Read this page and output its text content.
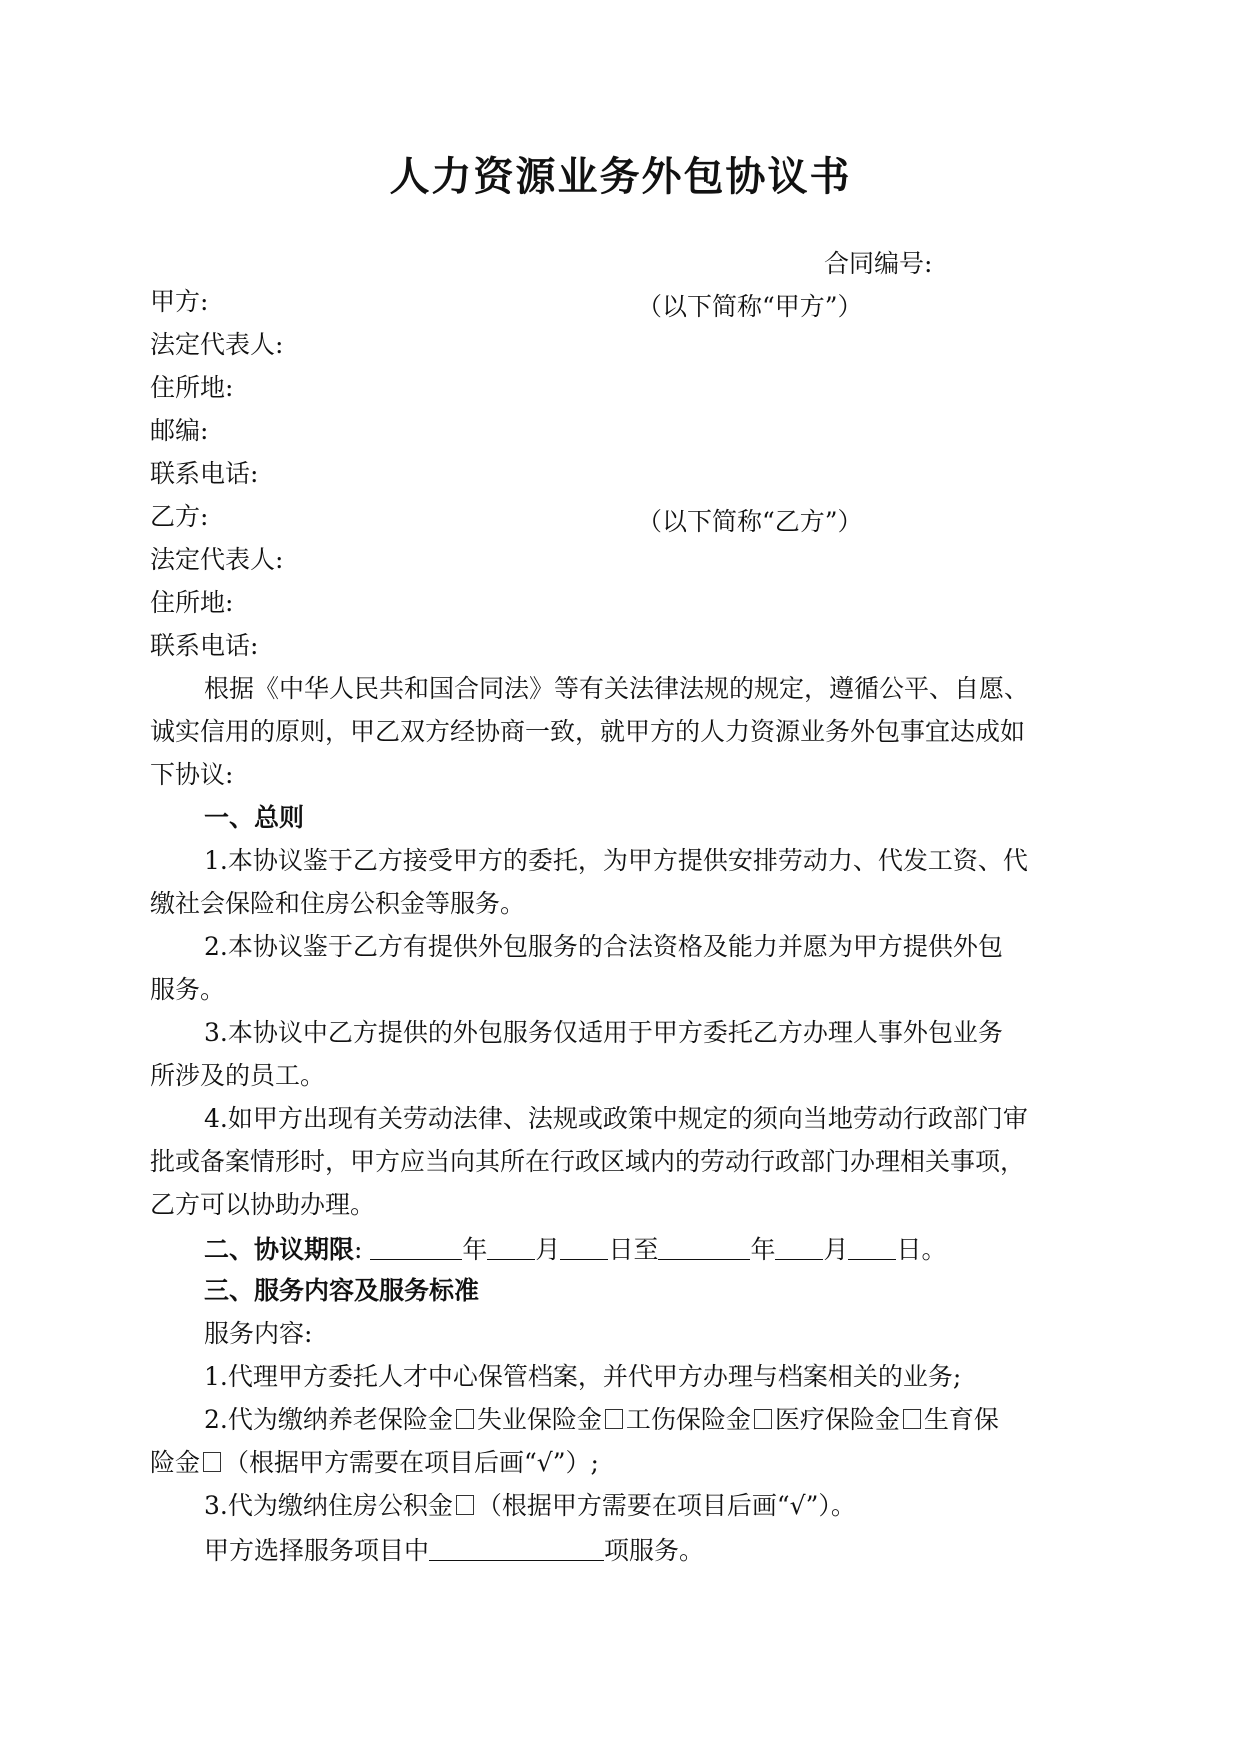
人力资源业务外包协议书
合同编号:
甲方:	（以下简称“甲方”）
法定代表人:
住所地:
邮编:
联系电话:
乙方:	（以下简称“乙方”）
法定代表人:
住所地:
联系电话:
根据《中华人民共和国合同法》等有关法律法规的规定，遵循公平、自愿、
诚实信用的原则，甲乙双方经协商一致，就甲方的人力资源业务外包事宜达成如
下协议:
一、总则
1.本协议鉴于乙方接受甲方的委托，为甲方提供安排劳动力、代发工资、代
缴社会保险和住房公积金等服务。
2.本协议鉴于乙方有提供外包服务的合法资格及能力并愿为甲方提供外包
服务。
3.本协议中乙方提供的外包服务仅适用于甲方委托乙方办理人事外包业务
所涉及的员工。
4.如甲方出现有关劳动法律、法规或政策中规定的须向当地劳动行政部门审
批或备案情形时，甲方应当向其所在行政区域内的劳动行政部门办理相关事项，
乙方可以协助办理。
二、协议期限:	年 月 日至	年 月 日。
三、服务内容及服务标准
服务内容:
1.代理甲方委托人才中心保管档案，并代甲方办理与档案相关的业务;
2.代为缴纳养老保险金 失业保险金 工伤保险金 医疗保险金 生育保
险金 （根据甲方需要在项目后画“√”）;
3.代为缴纳住房公积金 （根据甲方需要在项目后画“√”）。
甲方选择服务项目中	项服务。
